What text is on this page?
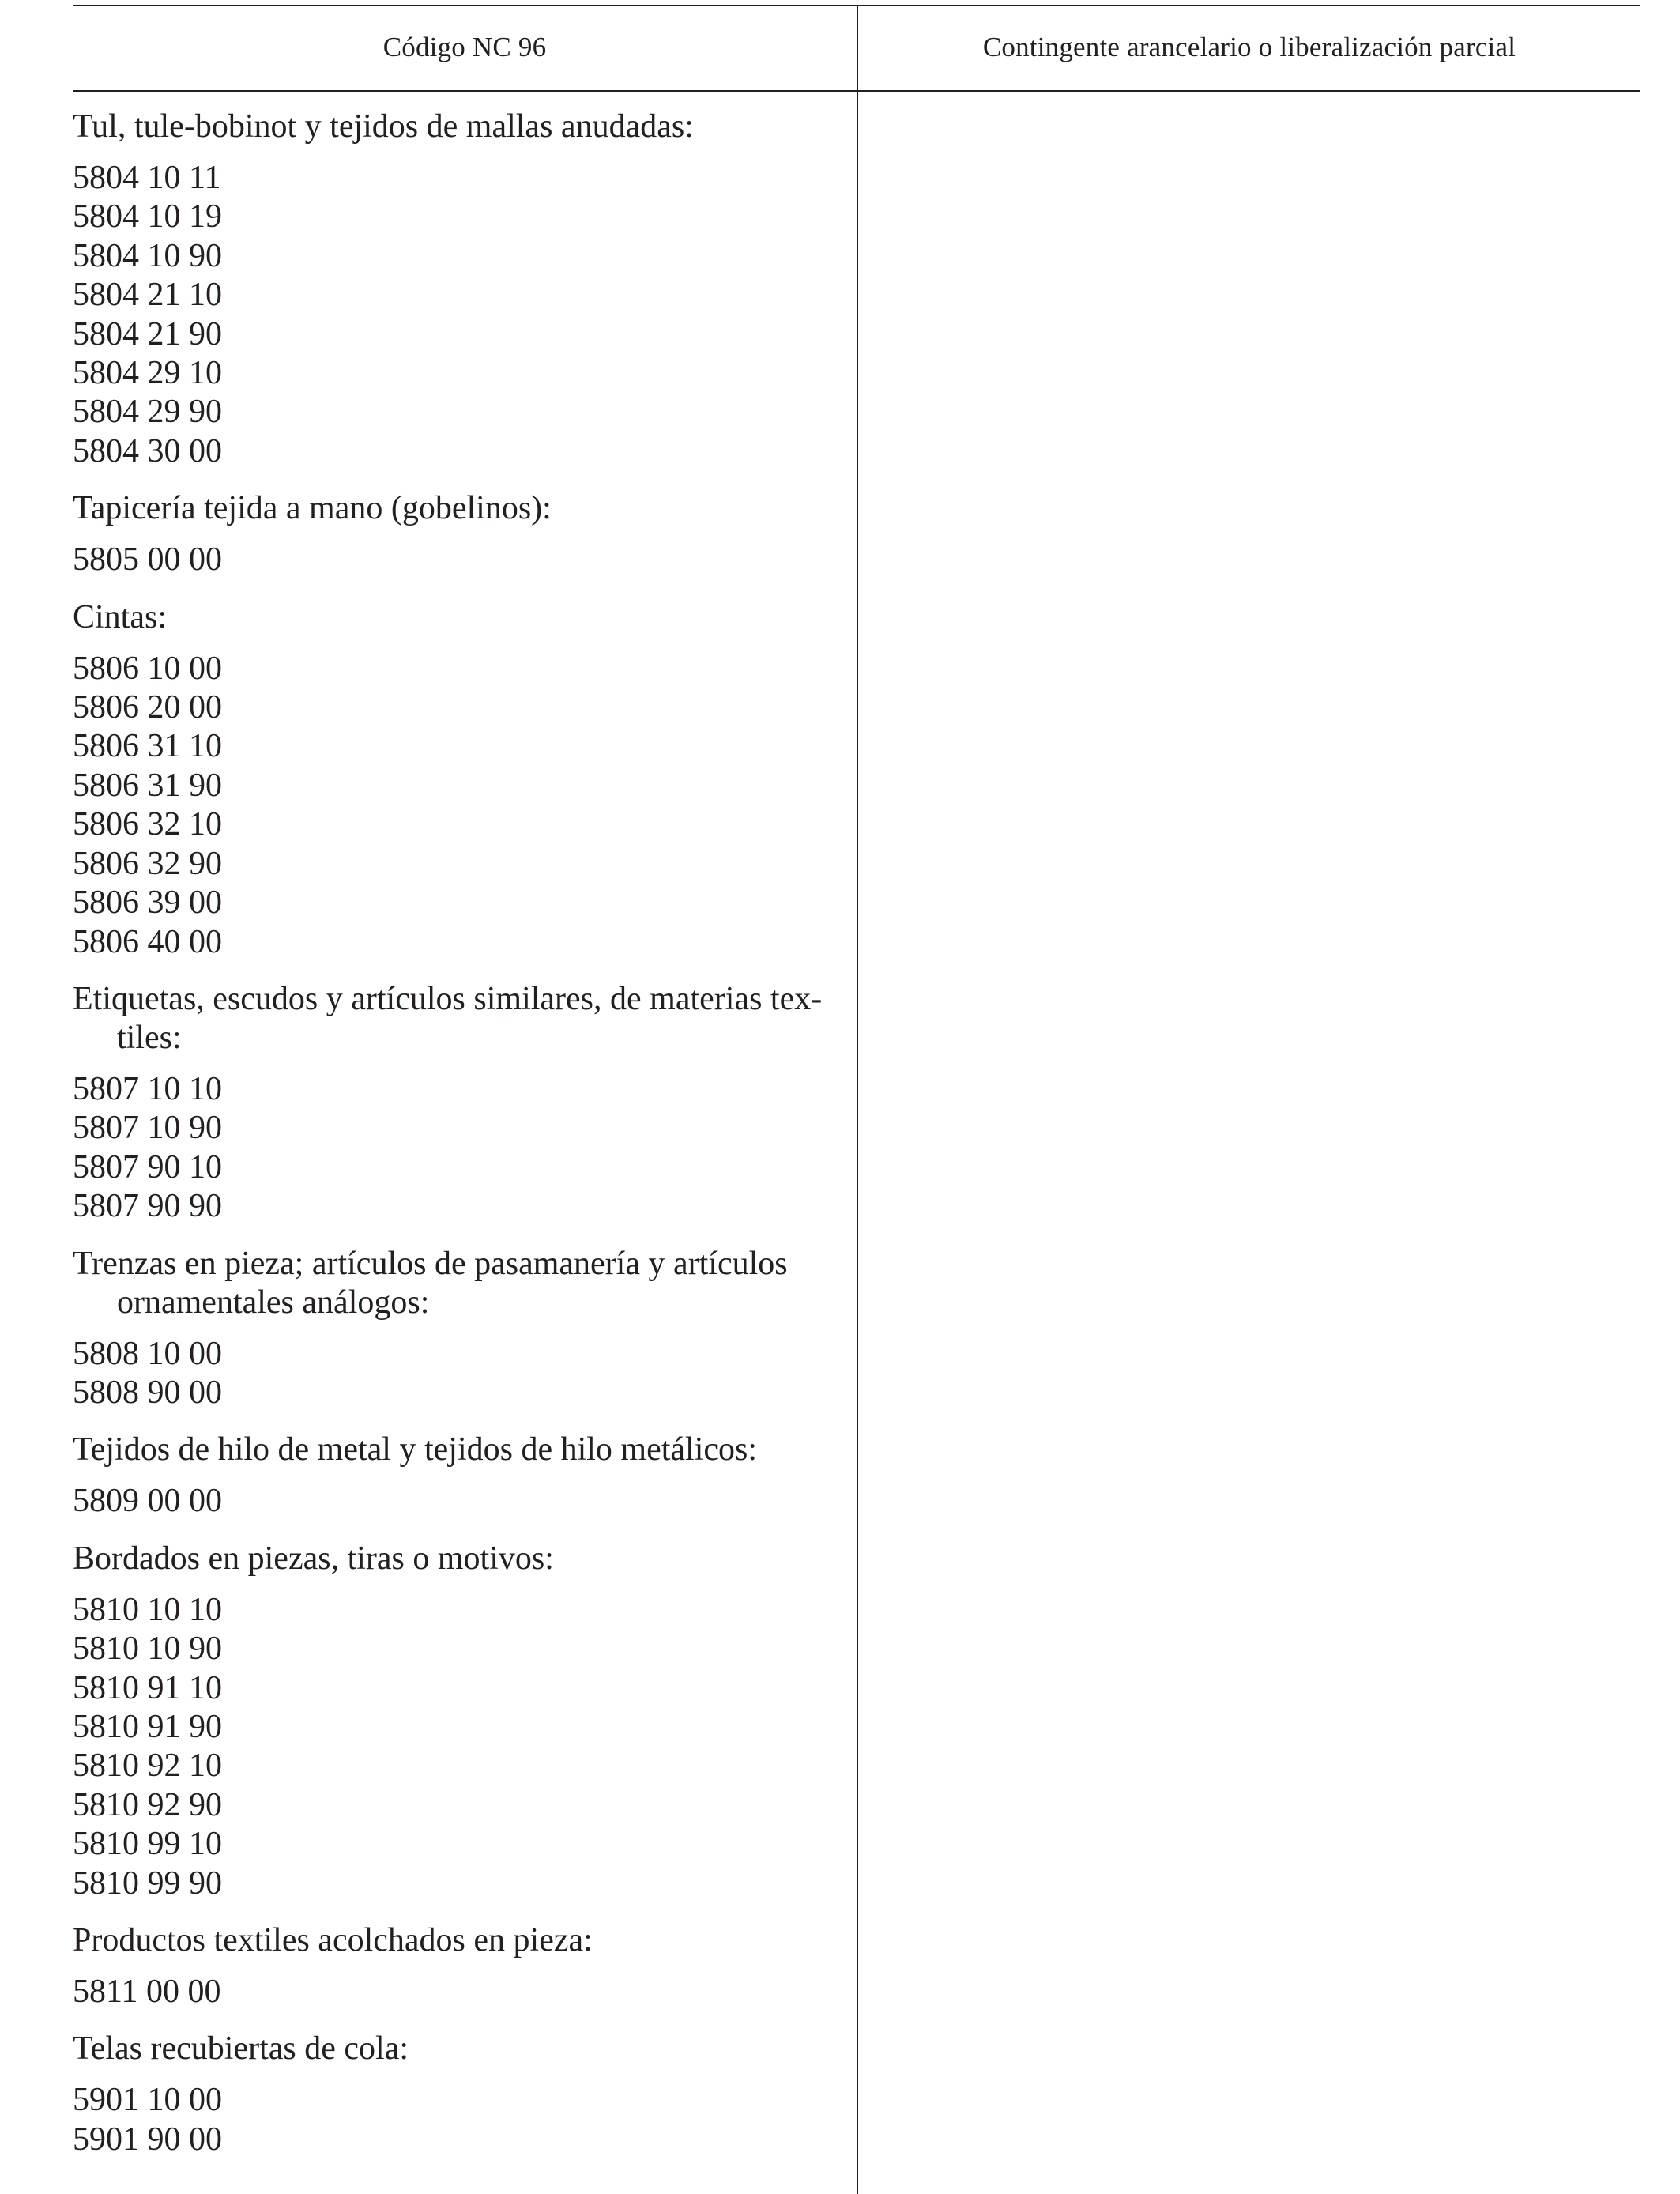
Código NC 96	Contingente arancelario o liberalización parcial
Tul, tule-bobinot y tejidos de mallas anudadas:
5804 10 11
5804 10 19
5804 10 90
5804 21 10
5804 21 90
5804 29 10
5804 29 90
5804 30 00
Tapicería tejida a mano (gobelinos):
5805 00 00
Cintas:
5806 10 00
5806 20 00
5806 31 10
5806 31 90
5806 32 10
5806 32 90
5806 39 00
5806 40 00
Etiquetas, escudos y artículos similares, de materias tex-tiles:
5807 10 10
5807 10 90
5807 90 10
5807 90 90
Trenzas en pieza; artículos de pasamanería y artículos ornamentales análogos:
5808 10 00
5808 90 00
Tejidos de hilo de metal y tejidos de hilo metálicos:
5809 00 00
Bordados en piezas, tiras o motivos:
5810 10 10
5810 10 90
5810 91 10
5810 91 90
5810 92 10
5810 92 90
5810 99 10
5810 99 90
Productos textiles acolchados en pieza:
5811 00 00
Telas recubiertas de cola:
5901 10 00
5901 90 00
